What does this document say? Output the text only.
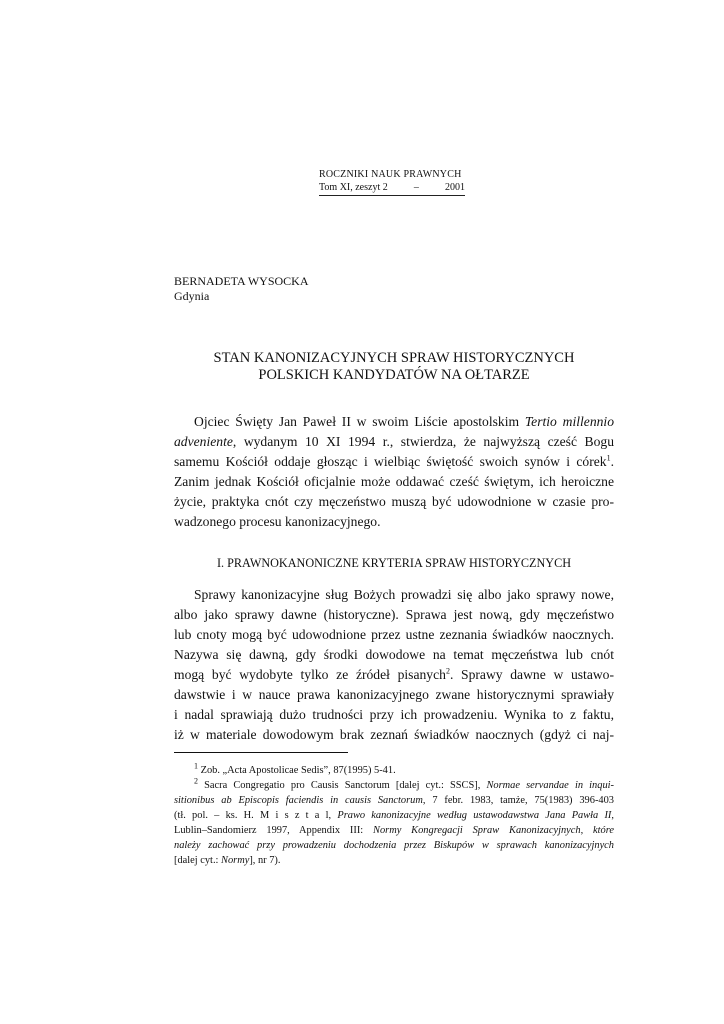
ROCZNIKI NAUK PRAWNYCH
Tom XI, zeszyt 2	–	2001
BERNADETA WYSOCKA
Gdynia
STAN KANONIZACYJNYCH SPRAW HISTORYCZNYCH
POLSKICH KANDYDATÓW NA OŁTARZE
Ojciec Święty Jan Paweł II w swoim Liście apostolskim Tertio millennio
adveniente, wydanym 10 XI 1994 r., stwierdza, że najwyższą cześć Bogu
samemu Kościół oddaje głosząc i wielbiąc świętość swoich synów i córek$^1$.
Zanim jednak Kościół oficjalnie może oddawać cześć świętym, ich heroiczne
życie, praktyka cnót czy męczeństwo muszą być udowodnione w czasie pro-
wadzonego procesu kanonizacyjnego.
I. PRAWNOKANONICZNE KRYTERIA SPRAW HISTORYCZNYCH
Sprawy kanonizacyjne sług Bożych prowadzi się albo jako sprawy nowe,
albo jako sprawy dawne (historyczne). Sprawa jest nową, gdy męczeństwo
lub cnoty mogą być udowodnione przez ustne zeznania świadków naocznych.
Nazywa się dawną, gdy środki dowodowe na temat męczeństwa lub cnót
mogą być wydobyte tylko ze źródeł pisanych$^2$. Sprawy dawne w ustawo-
dawstwie i w nauce prawa kanonizacyjnego zwane historycznymi sprawiały
i nadal sprawiają dużo trudności przy ich prowadzeniu. Wynika to z faktu,
iż w materiale dowodowym brak zeznań świadków naocznych (gdyż ci naj-
$^1$ Zob. „Acta Apostolicae Sedis”, 87(1995) 5-41.
$^2$ Sacra Congregatio pro Causis Sanctorum [dalej cyt.: SSCS], Normae servandae in inqui-
sitionibus ab Episcopis faciendis in causis Sanctorum, 7 febr. 1983, tamże, 75(1983) 396-403
(tł. pol. – ks. H. M i s z t a l, Prawo kanonizacyjne według ustawodawstwa Jana Pawła II,
Lublin–Sandomierz 1997, Appendix III: Normy Kongregacji Spraw Kanonizacyjnych, które
należy zachować przy prowadzeniu dochodzenia przez Biskupów w sprawach kanonizacyjnych
[dalej cyt.: Normy], nr 7).
